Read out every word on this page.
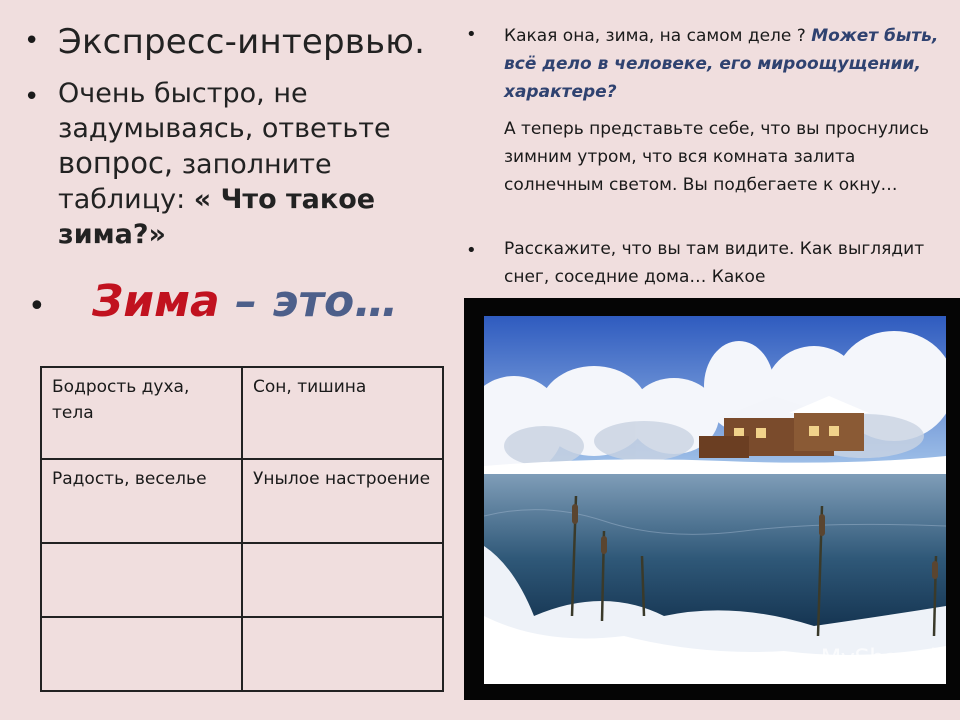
• Экспресс-интервью.
• Очень быстро, не задумываясь, ответьте вопрос, заполните таблицу: « Что такое зима?»
• Зима – это…
Бодрость духа, тела	Сон, тишина
Радость, веселье	Унылое настроение

• Какая она, зима, на самом деле ? Может быть, всё дело в человеке, его мироощущении, характере?
А теперь представьте себе, что вы проснулись зимним утром, что вся комната залита солнечным светом. Вы подбегаете к окну…
• Расскажите, что вы там видите. Как выглядит снег, соседние дома… Какое
MyShared
